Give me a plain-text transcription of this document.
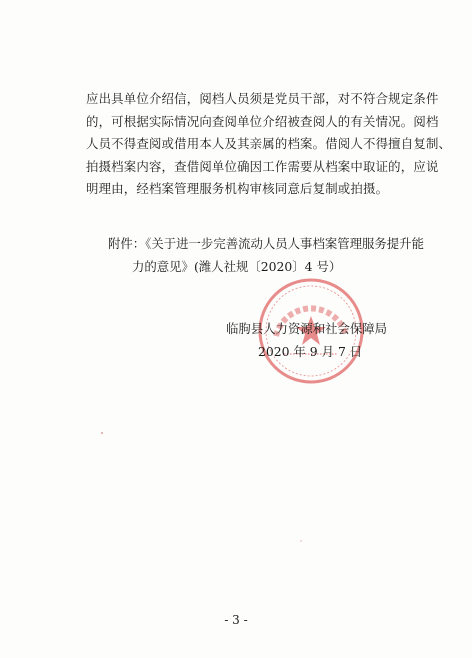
应出具单位介绍信，阅档人员须是党员干部，对不符合规定条件
的，可根据实际情况向查阅单位介绍被查阅人的有关情况。阅档
人员不得查阅或借用本人及其亲属的档案。借阅人不得擅自复制、
拍摄档案内容，查借阅单位确因工作需要从档案中取证的，应说
明理由，经档案管理服务机构审核同意后复制或拍摄。
附件：《关于进一步完善流动人员人事档案管理服务提升能
力的意见》(潍人社规〔2020〕4 号）
临朐县人力资源和社会保障局
2020 年 9 月 7 日
- 3 -
